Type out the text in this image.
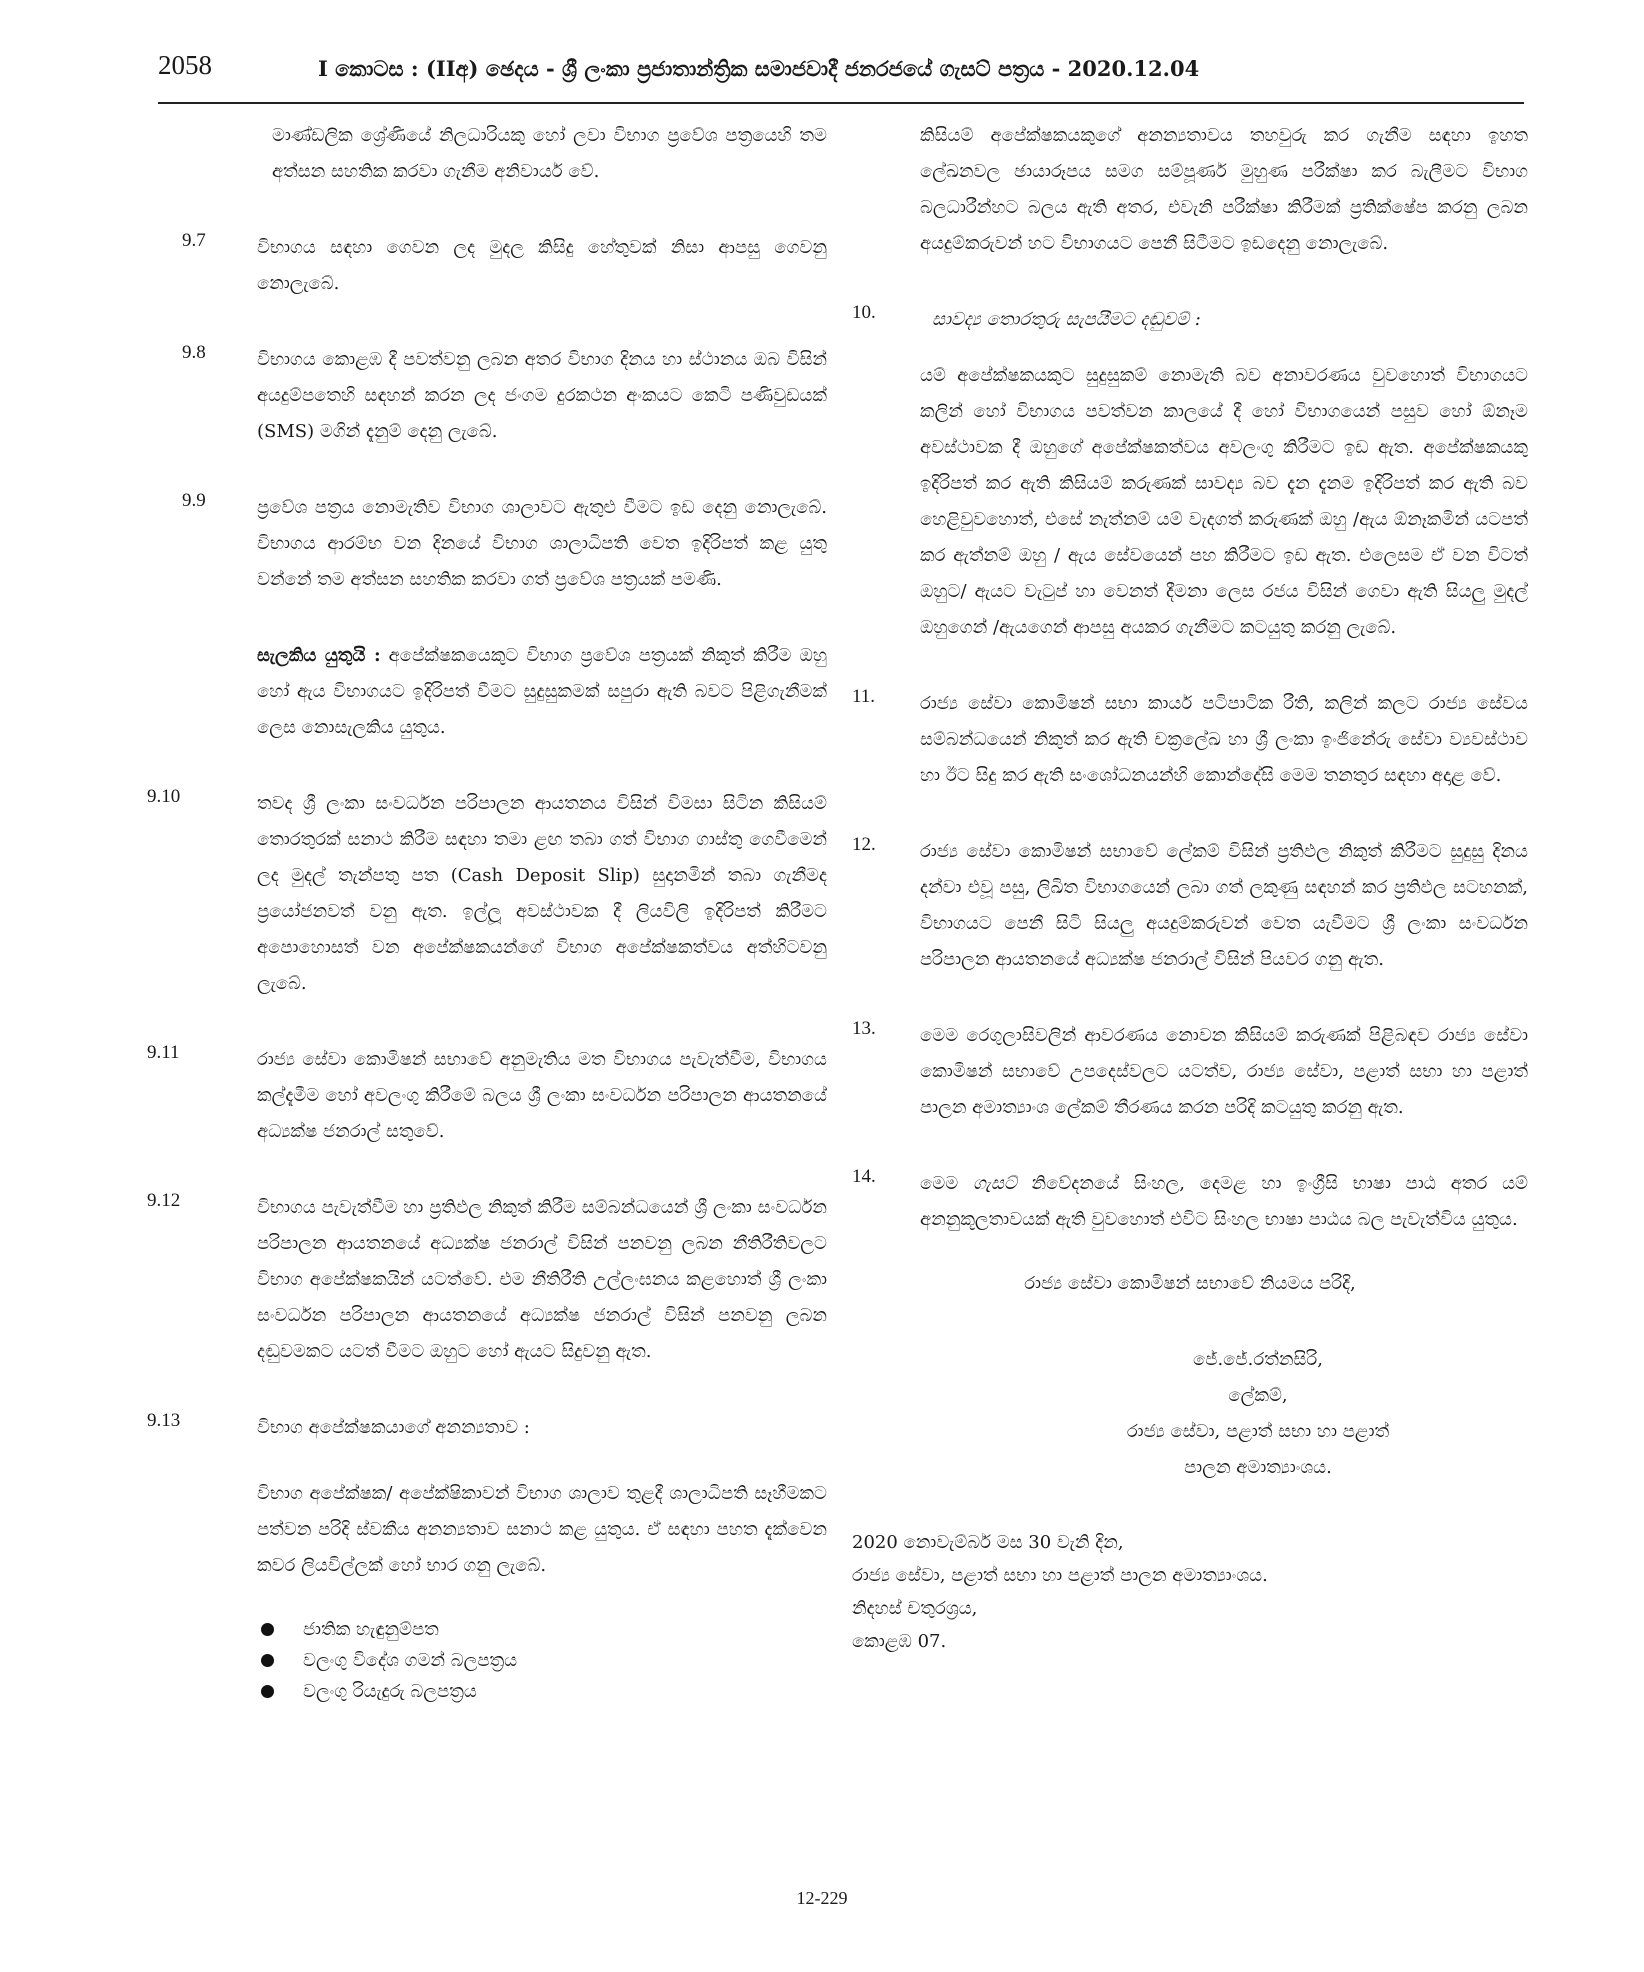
2058	I කොටස : (IIඅ) ඡෙදය - ශ්‍රී ලංකා ප්‍රජාතාන්ත්‍රික සමාජවාදී ජනරජයේ ගැසට් පත්‍රය - 2020.12.04
මාණ්ඩලික ශ්‍රේණියේ නිලධාරියකු හෝ ලවා විභාග ප්‍රවේශ පත්‍රයෙහි තම අත්සන සහතික කරවා ගැනීම අනිවාර්ය වේ.
9.7	විභාගය සඳහා ගෙවන ලද මුදල කිසිදු හේතුවක් නිසා ආපසු ගෙවනු නොලැබේ.
9.8	විභාගය කොළඹ දී පවත්වනු ලබන අතර විභාග දිනය හා ස්ථානය ඔබ විසින් අයදුම්පතෙහි සඳහන් කරන ලද ජංගම දුරකථන අංකයට කෙටි පණිවුඩයක් (SMS) මගින් දැනුම් දෙනු ලැබේ.
9.9	ප්‍රවේශ පත්‍රය නොමැතිව විභාග ශාලාවට ඇතුළු වීමට ඉඩ දෙනු නොලැබේ. විභාගය ආරම්භ වන දිනයේ විභාග ශාලාධිපති වෙත ඉදිරිපත් කළ යුතු වන්නේ තම අත්සන සහතික කරවා ගත් ප්‍රවේශ පත්‍රයක් පමණි.
සැලකිය යුතුයි : අපේක්ෂකයෙකුට විභාග ප්‍රවේශ පත්‍රයක් නිකුත් කිරීම ඔහු හෝ ඇය විභාගයට ඉදිරිපත් වීමට සුදුසුකමක් සපුරා ඇති බවට පිළිගැනීමක් ලෙස නොසැලකිය යුතුය.
9.10	තවද ශ්‍රී ලංකා සංවර්ධන පරිපාලන ආයතනය විසින් විමසා සිටින කිසියම් තොරතුරක් සනාථ කිරීම සඳහා තමා ළඟ තබා ගත් විභාග ගාස්තු ගෙවීමෙන් ලද මුදල් තැන්පතු පත (Cash Deposit Slip) සුදානමින් තබා ගැනීමද ප්‍රයෝජනවත් වනු ඇත. ඉල්ලූ අවස්ථාවක දී ලියවිලි ඉදිරිපත් කිරීමට අපොහොසත් වන අපේක්ෂකයන්ගේ විභාග අපේක්ෂකත්වය අත්හිටවනු ලැබේ.
9.11	රාජ්‍ය සේවා කොමිෂන් සභාවේ අනුමැතිය මත විභාගය පැවැත්වීම, විභාගය කල්දැමීම හෝ අවලංගු කිරීමේ බලය ශ්‍රී ලංකා සංවර්ධන පරිපාලන ආයතනයේ අධ්‍යක්ෂ ජනරාල් සතුවේ.
9.12	විභාගය පැවැත්වීම හා ප්‍රතිඵල නිකුත් කිරීම සම්බන්ධයෙන් ශ්‍රී ලංකා සංවර්ධන පරිපාලන ආයතනයේ අධ්‍යක්ෂ ජනරාල් විසින් පනවනු ලබන නීතිරීතිවලට විභාග අපේක්ෂකයින් යටත්වේ. එම නීතිරීති උල්ලංඝනය කළහොත් ශ්‍රී ලංකා සංවර්ධන පරිපාලන ආයතනයේ අධ්‍යක්ෂ ජනරාල් විසින් පනවනු ලබන දඬුවමකට යටත් වීමට ඔහුට හෝ ඇයට සිදුවනු ඇත.
9.13	විභාග අපේක්ෂකයාගේ අනන්‍යතාව :
විභාග අපේක්ෂක/ අපේක්ෂිකාවන් විභාග ශාලාව තුළදී ශාලාධිපති සෑහීමකට පත්වන පරිදි ස්වකීය අනන්‍යතාව සනාථ කළ යුතුය. ඒ සඳහා පහත දැක්වෙන කවර ලියවිල්ලක් හෝ භාර ගනු ලැබේ.
ජාතික හැඳුනුම්පත
වලංගු විදේශ ගමන් බලපත්‍රය
වලංගු රියැදුරු බලපත්‍රය
කිසියම් අපේක්ෂකයකුගේ අනන්‍යතාවය තහවුරු කර ගැනීම සඳහා ඉහත ලේඛනවල ඡායාරූපය සමග සම්පූර්ණ මුහුණ පරීක්ෂා කර බැලීමට විභාග බලධාරීන්හට බලය ඇති අතර, එවැනි පරීක්ෂා කිරීමක් ප්‍රතික්ෂේප කරනු ලබන අයදුම්කරුවන් හට විභාගයට පෙනී සිටීමට ඉඩදෙනු නොලැබේ.
10.	සාවද්‍ය තොරතුරු සැපයීමට දඬුවම් :
යම් අපේක්ෂකයකුට සුදුසුකම් නොමැති බව අනාවරණය වුවහොත් විභාගයට කලින් හෝ විභාගය පවත්වන කාලයේ දී හෝ විභාගයෙන් පසුව හෝ ඕනෑම අවස්ථාවක දී ඔහුගේ අපේක්ෂකත්වය අවලංගු කිරීමට ඉඩ ඇත. අපේක්ෂකයකු ඉදිරිපත් කර ඇති කිසියම් කරුණක් සාවද්‍ය බව දැන දැනම ඉදිරිපත් කර ඇති බව හෙළිවුවහොත්, එසේ නැත්නම් යම් වැදගත් කරුණක් ඔහු /ඇය ඕනෑකමින් යටපත් කර ඇත්නම් ඔහු / ඇය සේවයෙන් පහ කිරීමට ඉඩ ඇත. එලෙසම ඒ වන විටත් ඔහුට/ ඇයට වැටුප් හා වෙනත් දීමනා ලෙස රජය විසින් ගෙවා ඇති සියලු මුදල් ඔහුගෙන් /ඇයගෙන් ආපසු අයකර ගැනීමට කටයුතු කරනු ලැබේ.
11. රාජ්‍ය සේවා කොමිෂන් සභා කාර්ය පටිපාටික රීති, කලින් කලට රාජ්‍ය සේවය සම්බන්ධයෙන් නිකුත් කර ඇති චක්‍රලේඛ හා ශ්‍රී ලංකා ඉංජිනේරු සේවා ව්‍යවස්ථාව හා ඊට සිදු කර ඇති සංශෝධනයන්හි කොන්දේසි මෙම තනතුර සඳහා අදාළ වේ.
12. රාජ්‍ය සේවා කොමිෂන් සභාවේ ලේකම් විසින් ප්‍රතිඵල නිකුත් කිරීමට සුදුසු දිනය දන්වා එවූ පසු, ලිඛිත විභාගයෙන් ලබා ගත් ලකුණු සඳහන් කර ප්‍රතිඵල සටහනක්, විභාගයට පෙනී සිටි සියලු අයදුම්කරුවන් වෙත යැවීමට ශ්‍රී ලංකා සංවර්ධන පරිපාලන ආයතනයේ අධ්‍යක්ෂ ජනරාල් විසින් පියවර ගනු ඇත.
13. මෙම රෙගුලාසිවලින් ආවරණය නොවන කිසියම් කරුණක් පිළිබඳව රාජ්‍ය සේවා කොමිෂන් සභාවේ උපදෙස්වලට යටත්ව, රාජ්‍ය සේවා, පළාත් සභා හා පළාත් පාලන අමාත්‍යාංශ ලේකම් තීරණය කරන පරිදි කටයුතු කරනු ඇත.
14. මෙම ගැසට් නිවේදනයේ සිංහල, දෙමළ හා ඉංග්‍රීසි භාෂා පාඨ අතර යම් අනනුකූලතාවයක් ඇති වුවහොත් එවිට සිංහල භාෂා පාඨය බල පැවැත්විය යුතුය.
රාජ්‍ය සේවා කොමිෂන් සභාවේ නියමය පරිදි,
ජේ.ජේ.රත්නසිරි,
ලේකම්,
රාජ්‍ය සේවා, පළාත් සභා හා පළාත්
පාලන අමාත්‍යාංශය.
2020 නොවැම්බර් මස 30 වැනි දින,
රාජ්‍ය සේවා, පළාත් සභා හා පළාත් පාලන අමාත්‍යාංශය.
නිදහස් චතුරශ්‍රය,
කොළඹ 07.
12-229
